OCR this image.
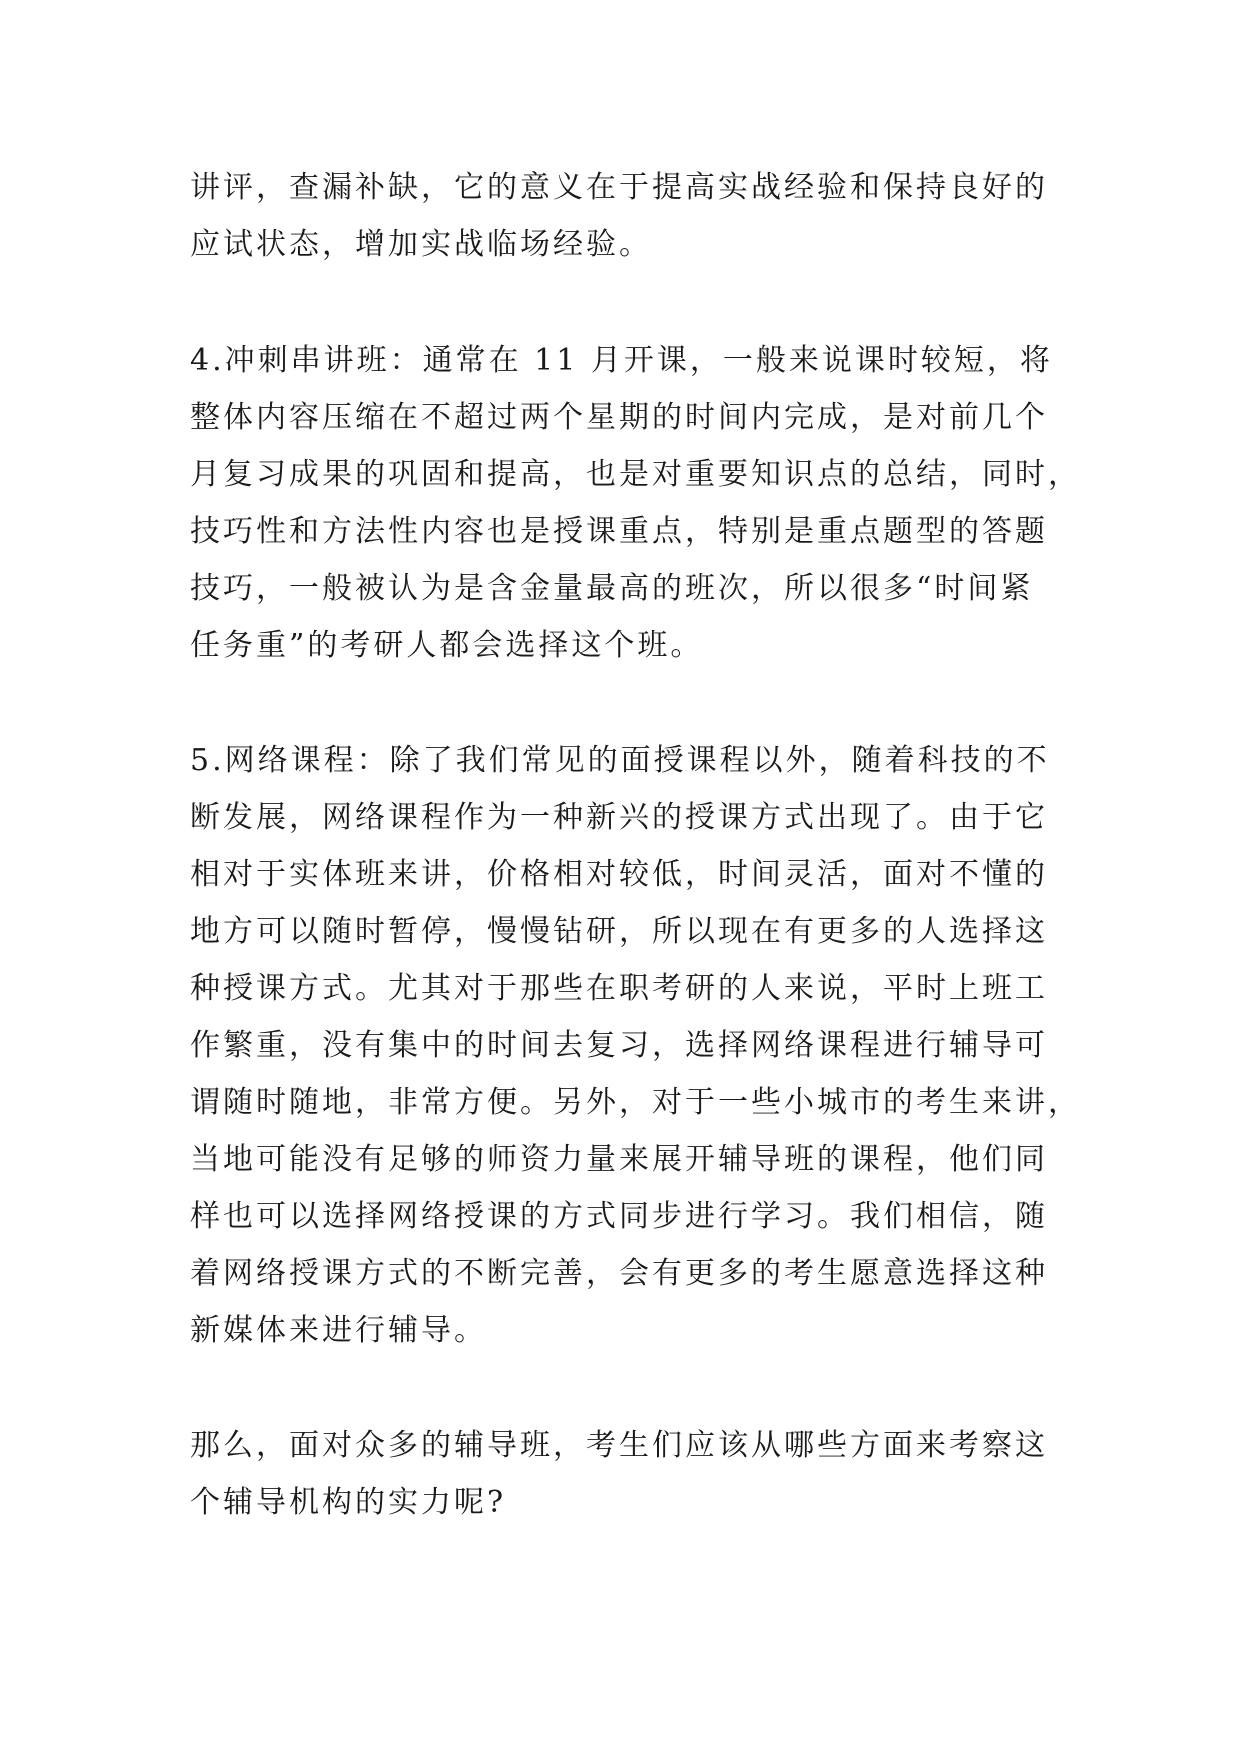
讲评，查漏补缺，它的意义在于提高实战经验和保持良好的
应试状态，增加实战临场经验。
4.冲刺串讲班：通常在 11 月开课，一般来说课时较短，将
整体内容压缩在不超过两个星期的时间内完成，是对前几个
月复习成果的巩固和提高，也是对重要知识点的总结，同时，
技巧性和方法性内容也是授课重点，特别是重点题型的答题
技巧，一般被认为是含金量最高的班次，所以很多“时间紧
任务重”的考研人都会选择这个班。
5.网络课程：除了我们常见的面授课程以外，随着科技的不
断发展，网络课程作为一种新兴的授课方式出现了。由于它
相对于实体班来讲，价格相对较低，时间灵活，面对不懂的
地方可以随时暂停，慢慢钻研，所以现在有更多的人选择这
种授课方式。尤其对于那些在职考研的人来说，平时上班工
作繁重，没有集中的时间去复习，选择网络课程进行辅导可
谓随时随地，非常方便。另外，对于一些小城市的考生来讲，
当地可能没有足够的师资力量来展开辅导班的课程，他们同
样也可以选择网络授课的方式同步进行学习。我们相信，随
着网络授课方式的不断完善，会有更多的考生愿意选择这种
新媒体来进行辅导。
那么，面对众多的辅导班，考生们应该从哪些方面来考察这
个辅导机构的实力呢?
